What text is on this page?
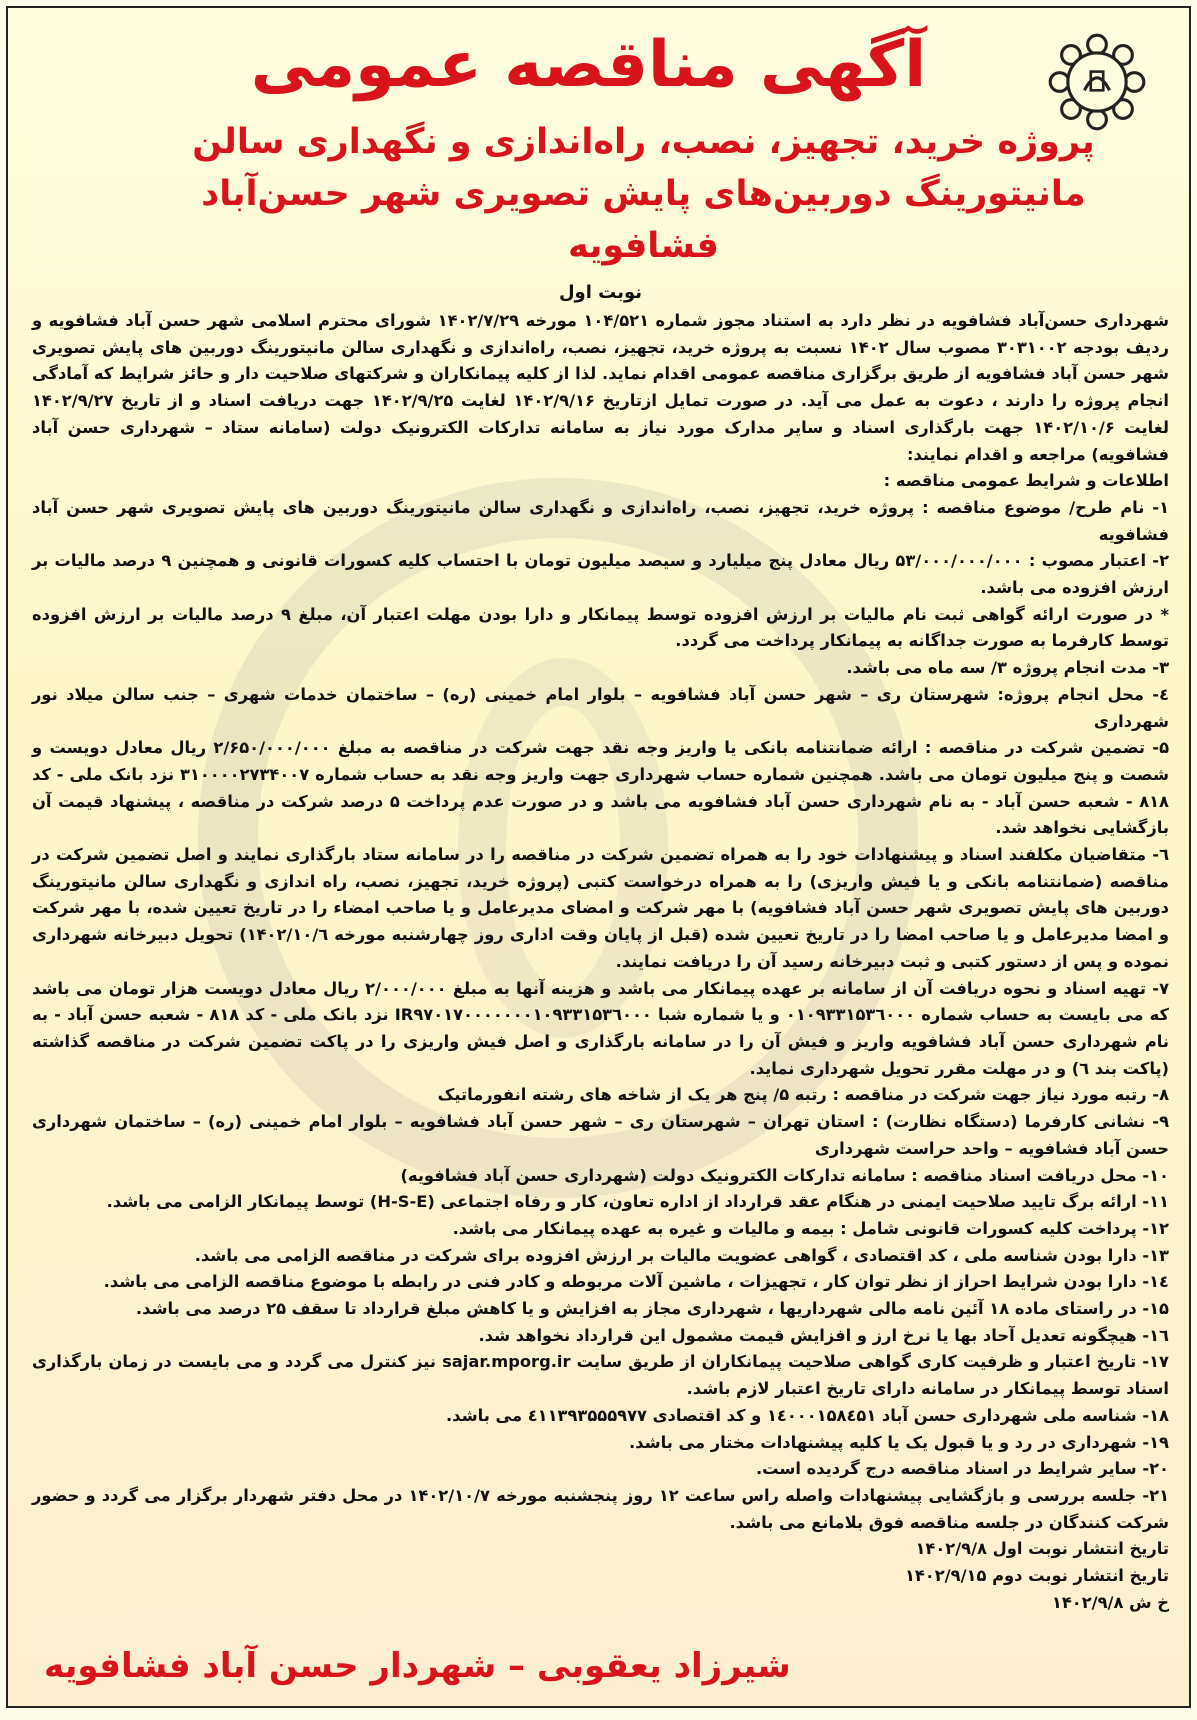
آگهی مناقصه عمومی
پروژه خرید، تجهیز، نصب، راه‌اندازی و نگهداری سالن مانیتورینگ دوربین‌های پایش تصویری شهر حسن‌آباد فشافویه

نوبت اول

شهرداری حسن‌آباد فشافویه در نظر دارد به استناد مجوز شماره ۱۰۴/۵۲۱ مورخه ۱۴۰۲/۷/۲۹ شورای محترم اسلامی شهر حسن آباد فشافویه و ردیف بودجه ۳۰۳۱۰۰۲ مصوب سال ۱۴۰۲ نسبت به پروژه خرید، تجهیز، نصب، راه‌اندازی و نگهداری سالن مانیتورینگ دوربین های پایش تصویری شهر حسن آباد فشافویه از طریق برگزاری مناقصه عمومی اقدام نماید. لذا از کلیه پیمانکاران و شرکتهای صلاحیت دار و حائز شرایط که آمادگی انجام پروژه را دارند ، دعوت به عمل می آید. در صورت تمایل ازتاریخ ۱۴۰۲/۹/۱۶ لغایت ۱۴۰۲/۹/۲۵ جهت دریافت اسناد و از تاریخ ۱۴۰۲/۹/۲۷ لغایت ۱۴۰۲/۱۰/۶ جهت بارگذاری اسناد و سایر مدارک مورد نیاز به سامانه تدارکات الکترونیک دولت (سامانه ستاد – شهرداری حسن آباد فشافویه) مراجعه و اقدام نمایند:

اطلاعات و شرایط عمومی مناقصه :

۱- نام طرح/ موضوع مناقصه : پروژه خرید، تجهیز، نصب، راه‌اندازی و نگهداری سالن مانیتورینگ دوربین های پایش تصویری شهر حسن آباد فشافویه

۲- اعتبار مصوب : ۵۳/۰۰۰/۰۰۰/۰۰۰ ریال معادل پنج میلیارد و سیصد میلیون تومان با احتساب کلیه کسورات قانونی و همچنین ۹ درصد مالیات بر ارزش افزوده می باشد.

* در صورت ارائه گواهی ثبت نام مالیات بر ارزش افزوده توسط پیمانکار و دارا بودن مهلت اعتبار آن، مبلغ ۹ درصد مالیات بر ارزش افزوده توسط کارفرما به صورت جداگانه به پیمانکار پرداخت می گردد.

۳- مدت انجام پروژه ۳/ سه ماه می باشد.

٤- محل انجام پروژه: شهرستان ری – شهر حسن آباد فشافویه – بلوار امام خمینی (ره) – ساختمان خدمات شهری – جنب سالن میلاد نور شهرداری

۵- تضمین شرکت در مناقصه : ارائه ضمانتنامه بانکی یا واریز وجه نقد جهت شرکت در مناقصه به مبلغ ۲/۶۵۰/۰۰۰/۰۰۰ ریال معادل دویست و شصت و پنج میلیون تومان می باشد. همچنین شماره حساب شهرداری جهت واریز وجه نقد به حساب شماره ۳۱۰۰۰۰۲۷۳۴۰۰۷ نزد بانک ملی - کد ۸۱۸ - شعبه حسن آباد - به نام شهرداری حسن آباد فشافویه می باشد و در صورت عدم پرداخت ۵ درصد شرکت در مناقصه ، پیشنهاد قیمت آن بازگشایی نخواهد شد.

٦- متقاضیان مکلفند اسناد و پیشنهادات خود را به همراه تضمین شرکت در مناقصه را در سامانه ستاد بارگذاری نمایند و اصل تضمین شرکت در مناقصه (ضمانتنامه بانکی و یا فیش واریزی) را به همراه درخواست کتبی (پروژه خرید، تجهیز، نصب، راه اندازی و نگهداری سالن مانیتورینگ دوربین های پایش تصویری شهر حسن آباد فشافویه) با مهر شرکت و امضای مدیرعامل و یا صاحب امضاء را در تاریخ تعیین شده، با مهر شرکت و امضا مدیرعامل و یا صاحب امضا را در تاریخ تعیین شده (قبل از پایان وقت اداری روز چهارشنبه مورخه ۱۴۰۲/۱۰/٦) تحویل دبیرخانه شهرداری نموده و پس از دستور کتبی و ثبت دبیرخانه رسید آن را دریافت نمایند.

۷- تهیه اسناد و نحوه دریافت آن از سامانه بر عهده پیمانکار می باشد و هزینه آنها به مبلغ ۲/۰۰۰/۰۰۰ ریال معادل دویست هزار تومان می باشد که می بایست به حساب شماره ۰۱۰۹۳۳۱۵۳٦۰۰۰ و یا شماره شبا IR۹۷۰۱۷۰۰۰۰۰۰۰۱۰۹۳۳۱۵۳٦۰۰۰ نزد بانک ملی - کد ۸۱۸ - شعبه حسن آباد - به نام شهرداری حسن آباد فشافویه واریز و فیش آن را در سامانه بارگذاری و اصل فیش واریزی را در پاکت تضمین شرکت در مناقصه گذاشته (پاکت بند ٦) و در مهلت مقرر تحویل شهرداری نماید.

۸- رتبه مورد نیاز جهت شرکت در مناقصه : رتبه ۵/ پنج هر یک از شاخه های رشته انفورماتیک

۹- نشانی کارفرما (دستگاه نظارت) : استان تهران – شهرستان ری – شهر حسن آباد فشافویه – بلوار امام خمینی (ره) – ساختمان شهرداری حسن آباد فشافویه – واحد حراست شهرداری

۱۰- محل دریافت اسناد مناقصه : سامانه تدارکات الکترونیک دولت (شهرداری حسن آباد فشافویه)

۱۱- ارائه برگ تایید صلاحیت ایمنی در هنگام عقد قرارداد از اداره تعاون، کار و رفاه اجتماعی (H-S-E) توسط پیمانکار الزامی می باشد.

۱۲- پرداخت کلیه کسورات قانونی شامل : بیمه و مالیات و غیره به عهده پیمانکار می باشد.

۱۳- دارا بودن شناسه ملی ، کد اقتصادی ، گواهی عضویت مالیات بر ارزش افزوده برای شرکت در مناقصه الزامی می باشد.

۱٤- دارا بودن شرایط احراز از نظر توان کار ، تجهیزات ، ماشین آلات مربوطه و کادر فنی در رابطه با موضوع مناقصه الزامی می باشد.

۱۵- در راستای ماده ۱۸ آئین نامه مالی شهرداریها ، شهرداری مجاز به افزایش و یا کاهش مبلغ قرارداد تا سقف ۲۵ درصد می باشد.

۱٦- هیچگونه تعدیل آحاد بها یا نرخ ارز و افزایش قیمت مشمول این قرارداد نخواهد شد.

۱۷- تاریخ اعتبار و ظرفیت کاری گواهی صلاحیت پیمانکاران از طریق سایت sajar.mporg.ir نیز کنترل می گردد و می بایست در زمان بارگذاری اسناد توسط پیمانکار در سامانه دارای تاریخ اعتبار لازم باشد.

۱۸- شناسه ملی شهرداری حسن آباد ۱٤۰۰۰۱۵۸٤۵۱ و کد اقتصادی ٤۱۱۳۹۳۵۵۵۹۷۷ می باشد.

۱۹- شهرداری در رد و یا قبول یک یا کلیه پیشنهادات مختار می باشد.

۲۰- سایر شرایط در اسناد مناقصه درج گردیده است.

۲۱- جلسه بررسی و بازگشایی پیشنهادات واصله راس ساعت ۱۲ روز پنجشنبه مورخه ۱۴۰۲/۱۰/۷ در محل دفتر شهردار برگزار می گردد و حضور شرکت کنندگان در جلسه مناقصه فوق بلامانع می باشد.

تاریخ انتشار نوبت اول ۱۴۰۲/۹/۸

تاریخ انتشار نوبت دوم ۱۴۰۲/۹/۱۵

خ ش ۱۴۰۲/۹/۸

شیرزاد یعقوبی – شهردار حسن آباد فشافویه
